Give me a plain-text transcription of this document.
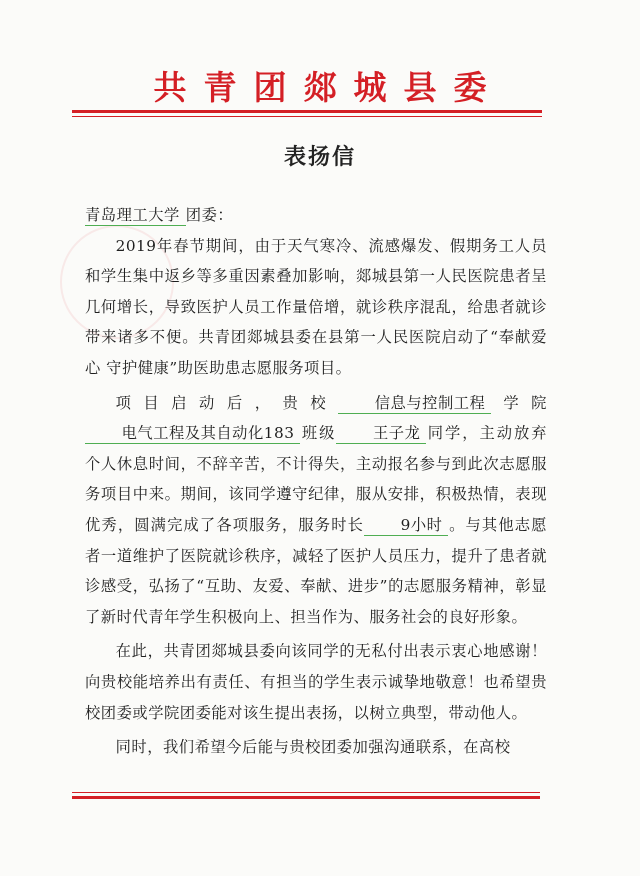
共青团郯城县委
表扬信

青岛理工大学 团委：

2019年春节期间，由于天气寒冷、流感爆发、假期务工人员和学生集中返乡等多重因素叠加影响，郯城县第一人民医院患者呈几何增长，导致医护人员工作量倍增，就诊秩序混乱，给患者就诊带来诸多不便。共青团郯城县委在县第一人民医院启动了“奉献爱心 守护健康”助医助患志愿服务项目。

项目启动后，贵校 信息与控制工程 学院电气工程及其自动化183 班级 王子龙 同学，主动放弃个人休息时间，不辞辛苦，不计得失，主动报名参与到此次志愿服务项目中来。期间，该同学遵守纪律，服从安排，积极热情，表现优秀，圆满完成了各项服务，服务时长 9小时 。与其他志愿者一道维护了医院就诊秩序，减轻了医护人员压力，提升了患者就诊感受，弘扬了“互助、友爱、奉献、进步”的志愿服务精神，彰显了新时代青年学生积极向上、担当作为、服务社会的良好形象。

在此，共青团郯城县委向该同学的无私付出表示衷心地感谢！向贵校能培养出有责任、有担当的学生表示诚挚地敬意！也希望贵校团委或学院团委能对该生提出表扬，以树立典型，带动他人。

同时，我们希望今后能与贵校团委加强沟通联系，在高校
